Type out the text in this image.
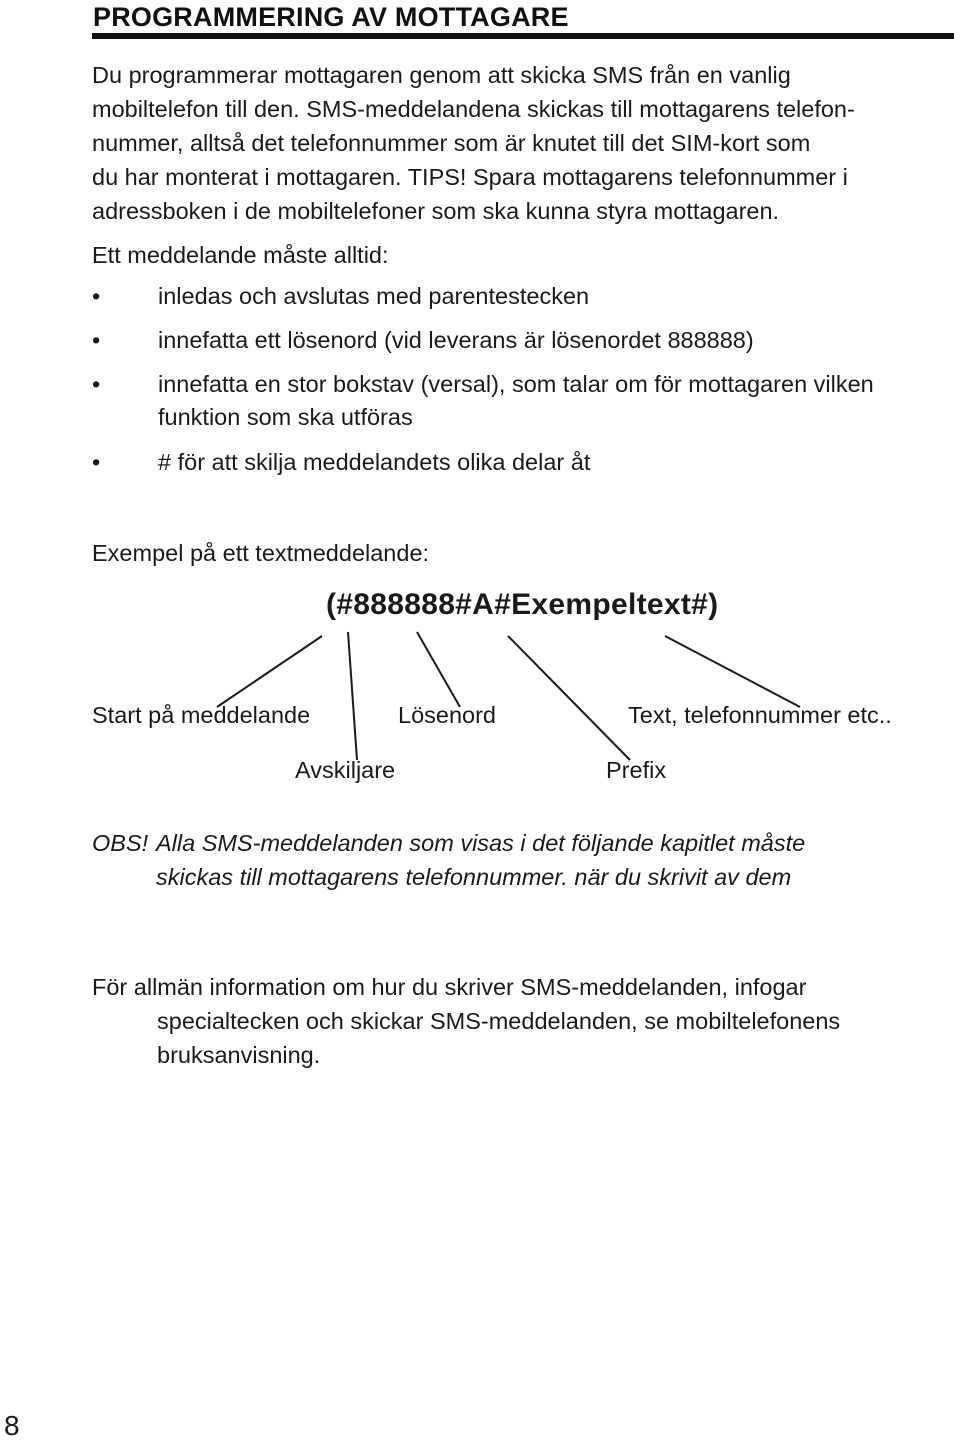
PROGRAMMERING AV MOTTAGARE

Du programmerar mottagaren genom att skicka SMS från en vanlig

mobiltelefon till den. SMS-meddelandena skickas till mottagarens telefon-

nummer, alltså det telefonnummer som är knutet till det SIM-kort som

du har monterat i mottagaren. TIPS! Spara mottagarens telefonnummer i

adressboken i de mobiltelefoner som ska kunna styra mottagaren.

Ett meddelande måste alltid:
• inledas och avslutas med parentestecken
• innefatta ett lösenord (vid leverans är lösenordet 888888)
• innefatta en stor bokstav (versal), som talar om för mottagaren vilken
funktion som ska utföras
• # för att skilja meddelandets olika delar åt
Exempel på ett textmeddelande:
(#888888#A#Exempeltext#)
Start på meddelande	Lösenord	Text, telefonnummer etc..
Avskiljare	Prefix
OBS! Alla SMS-meddelanden som visas i det följande kapitlet måste
skickas till mottagarens telefonnummer. när du skrivit av dem
För allmän information om hur du skriver SMS-meddelanden, infogar
specialtecken och skickar SMS-meddelanden, se mobiltelefonens
bruksanvisning.
8
